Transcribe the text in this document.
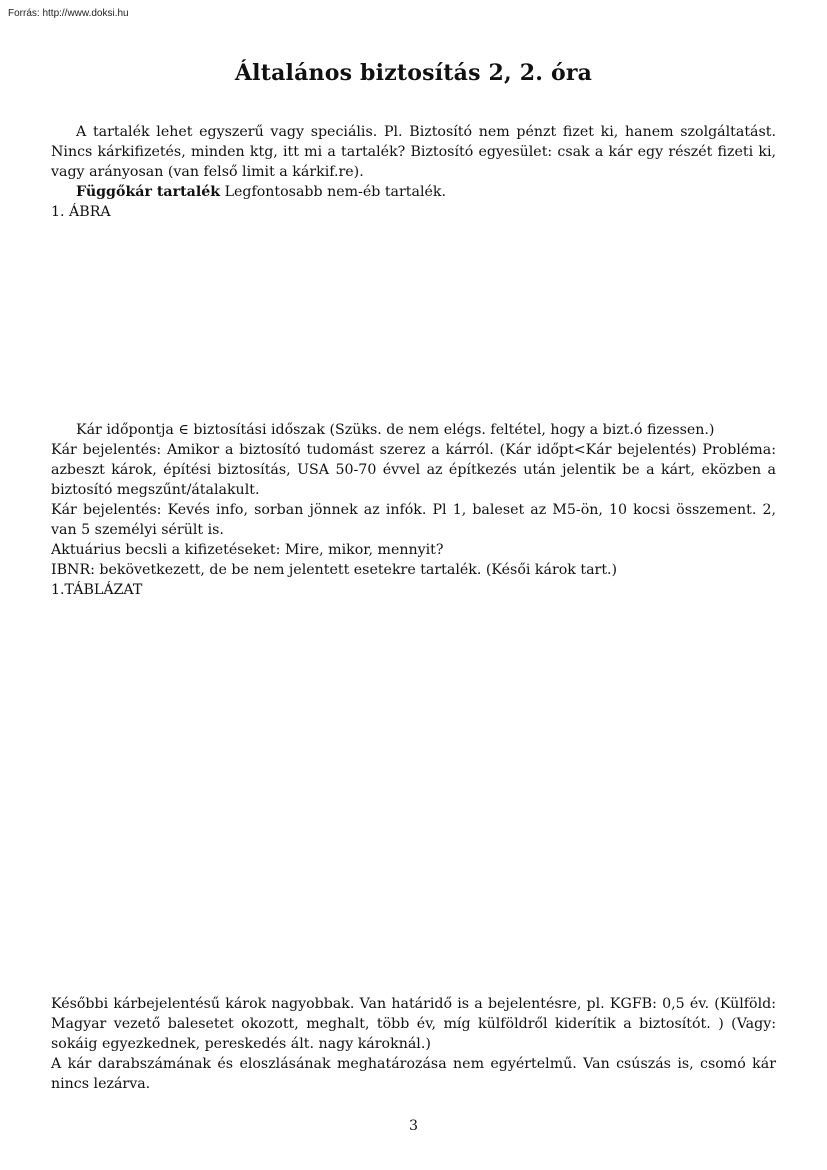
Forrás: http://www.doksi.hu
Általános biztosítás 2, 2. óra

A tartalék lehet egyszerű vagy speciális. Pl. Biztosító nem pénzt fizet ki, hanem szolgáltatást. Nincs kárkifizetés, minden ktg, itt mi a tartalék? Biztosító egyesület: csak a kár egy részét fizeti ki, vagy arányosan (van felső limit a kárkif.re).

Függőkár tartalék Legfontosabb nem-éb tartalék.

1. ÁBRA

Kár időpontja ∈ biztosítási időszak (Szüks. de nem elégs. feltétel, hogy a bizt.ó fizessen.)

Kár bejelentés: Amikor a biztosító tudomást szerez a kárról. (Kár időpt<Kár bejelentés) Probléma: azbeszt károk, építési biztosítás, USA 50-70 évvel az építkezés után jelentik be a kárt, eközben a biztosító megszűnt/átalakult.

Kár bejelentés: Kevés info, sorban jönnek az infók. Pl 1, baleset az M5-ön, 10 kocsi összement. 2, van 5 személyi sérült is.

Aktuárius becsli a kifizetéseket: Mire, mikor, mennyit?

IBNR: bekövetkezett, de be nem jelentett esetekre tartalék. (Késői károk tart.)

1.TÁBLÁZAT

Későbbi kárbejelentésű károk nagyobbak. Van határidő is a bejelentésre, pl. KGFB: 0,5 év. (Külföld: Magyar vezető balesetet okozott, meghalt, több év, míg külföldről kiderítik a biztosítót. ) (Vagy: sokáig egyezkednek, pereskedés ált. nagy károknál.)

A kár darabszámának és eloszlásának meghatározása nem egyértelmű. Van csúszás is, csomó kár nincs lezárva.

3
